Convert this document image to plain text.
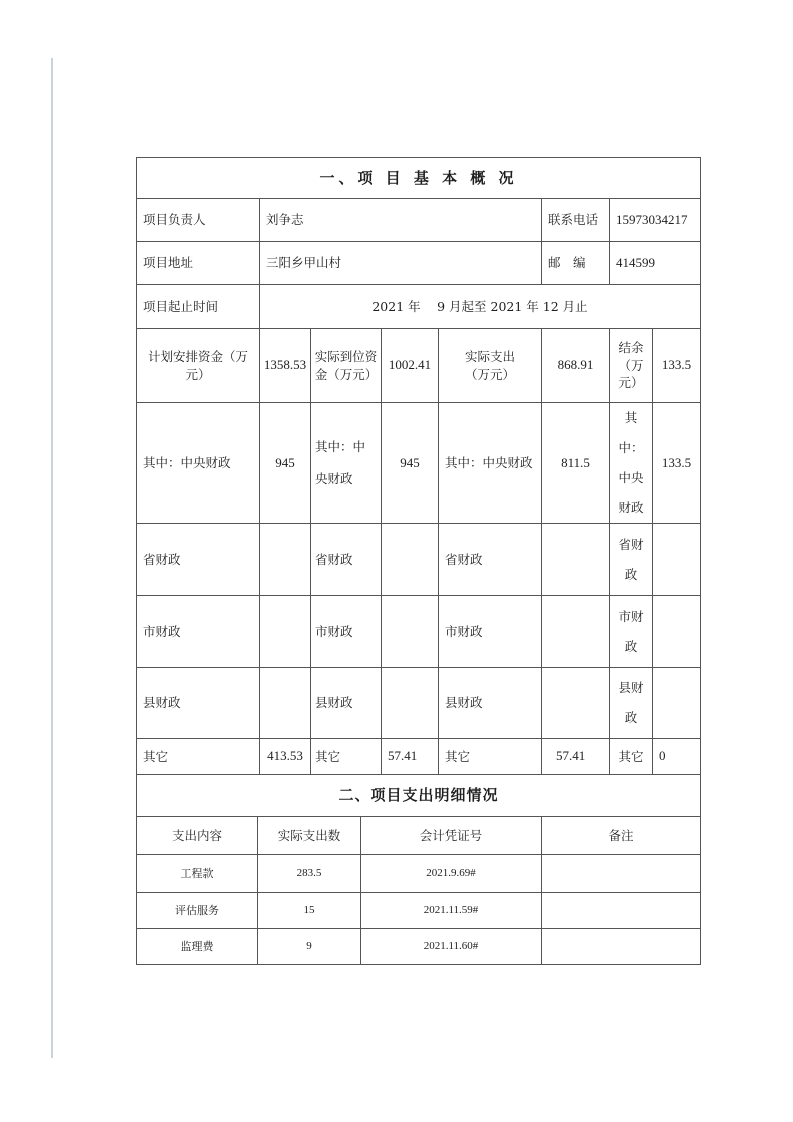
一、项 目 基 本 概 况							
项目负责人	刘争志				联系电话	15973034217	
项目地址	三阳乡甲山村				邮　编	414599	
项目起止时间	2021 年　 9 月起至 2021 年 12 月止						
计划安排资金（万元）	1358.53	实际到位资金（万元）	1002.41	实际支出（万元）	868.91	结余（万元）	133.5
其中：中央财政	945	其中：中央财政	945	其中：中央财政	811.5	其中：中央财政	133.5
省财政		省财政		省财政		省财政	
市财政		市财政		市财政		市财政	
县财政		县财政		县财政		县财政	
其它	413.53	其它	57.41	其它	57.41	其它	0
二、项目支出明细情况			
支出内容	实际支出数	会计凭证号	备注
工程款	283.5	2021.9.69#	
评估服务	15	2021.11.59#	
监理费	9	2021.11.60#	
